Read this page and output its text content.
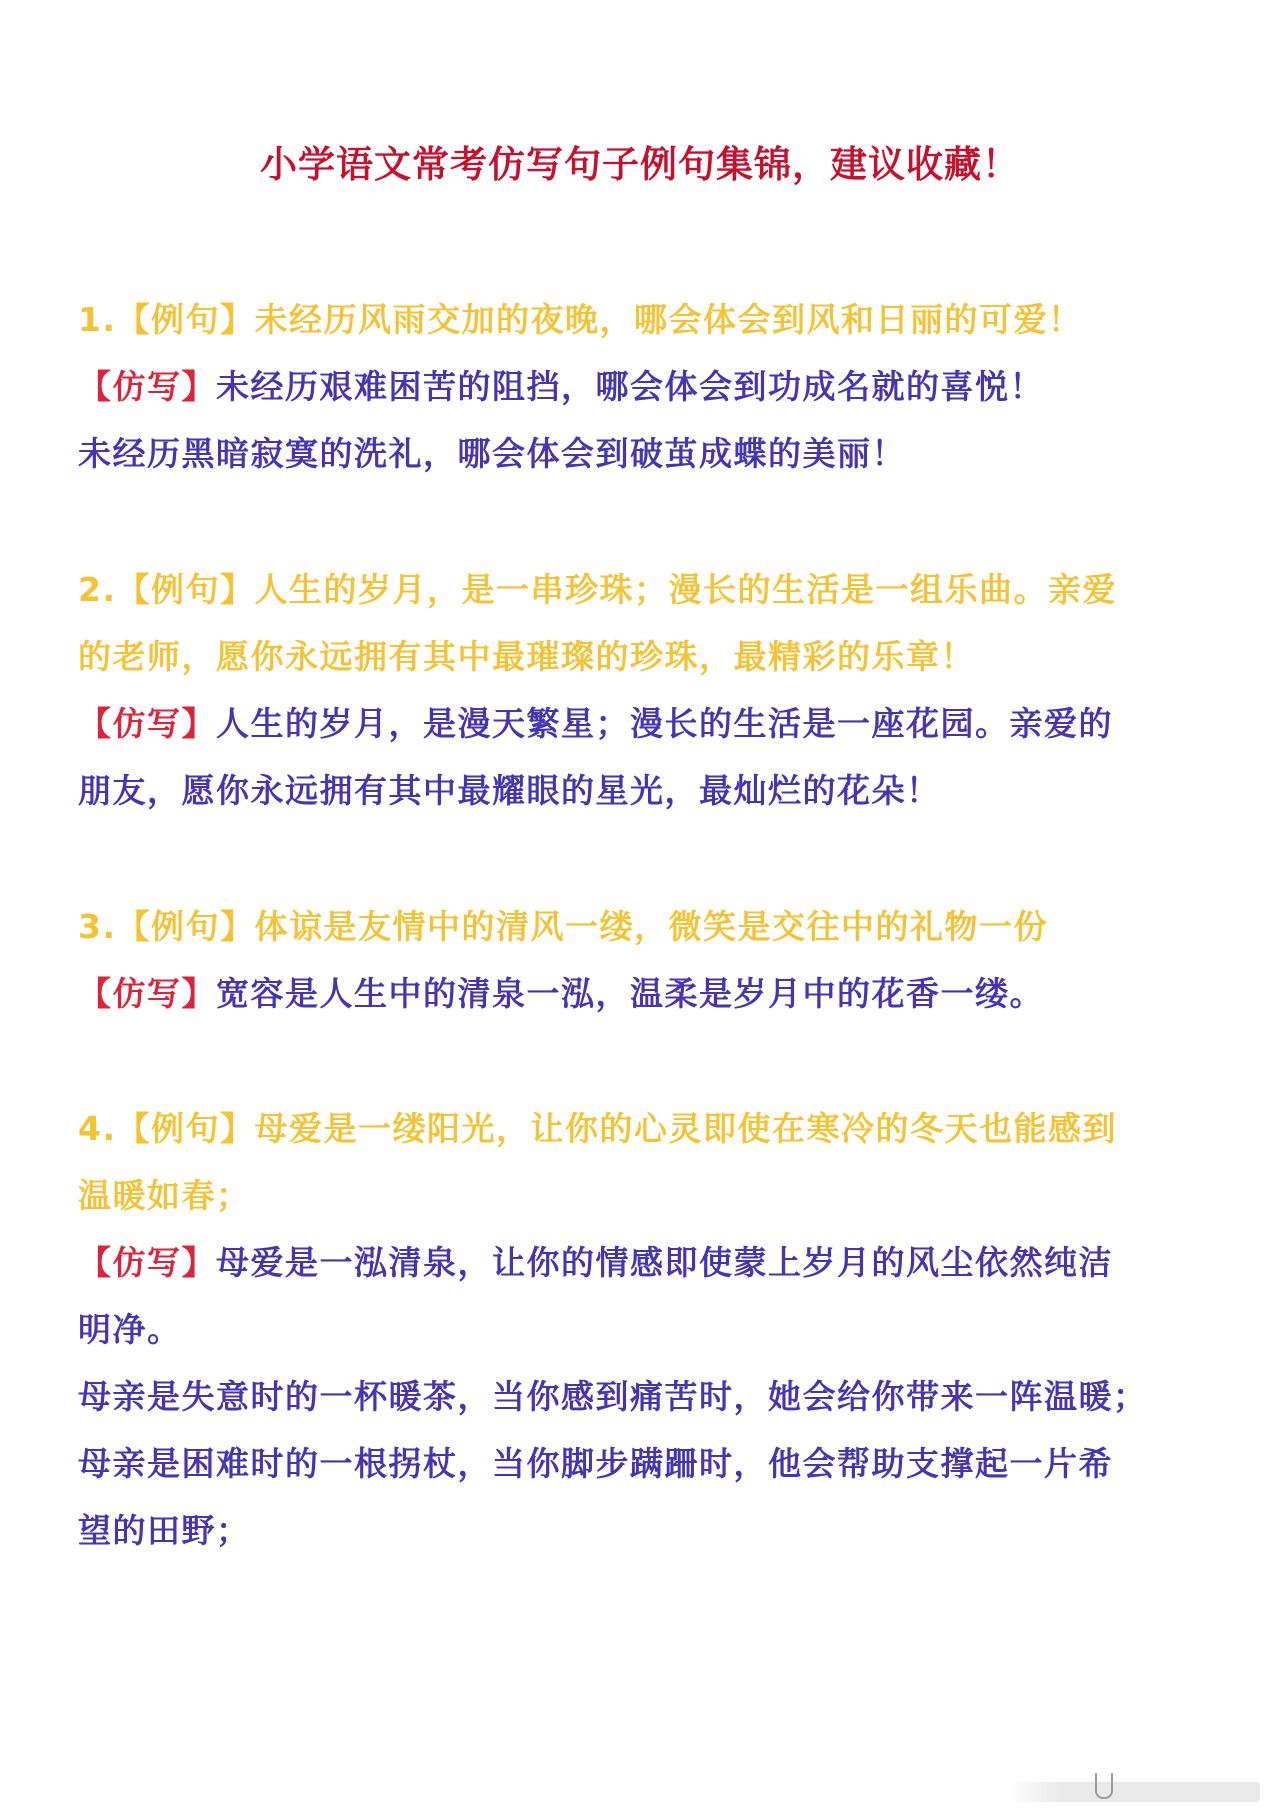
小学语文常考仿写句子例句集锦，建议收藏！
1.【例句】未经历风雨交加的夜晚，哪会体会到风和日丽的可爱！
【仿写】未经历艰难困苦的阻挡，哪会体会到功成名就的喜悦！
未经历黑暗寂寞的洗礼，哪会体会到破茧成蝶的美丽！
2.【例句】人生的岁月，是一串珍珠；漫长的生活是一组乐曲。亲爱
的老师，愿你永远拥有其中最璀璨的珍珠，最精彩的乐章！
【仿写】人生的岁月，是漫天繁星；漫长的生活是一座花园。亲爱的
朋友，愿你永远拥有其中最耀眼的星光，最灿烂的花朵！
3.【例句】体谅是友情中的清风一缕，微笑是交往中的礼物一份
【仿写】宽容是人生中的清泉一泓，温柔是岁月中的花香一缕。
4.【例句】母爱是一缕阳光，让你的心灵即使在寒冷的冬天也能感到
温暖如春；
【仿写】母爱是一泓清泉，让你的情感即使蒙上岁月的风尘依然纯洁
明净。
母亲是失意时的一杯暖茶，当你感到痛苦时，她会给你带来一阵温暖；
母亲是困难时的一根拐杖，当你脚步蹒跚时，他会帮助支撑起一片希
望的田野；
